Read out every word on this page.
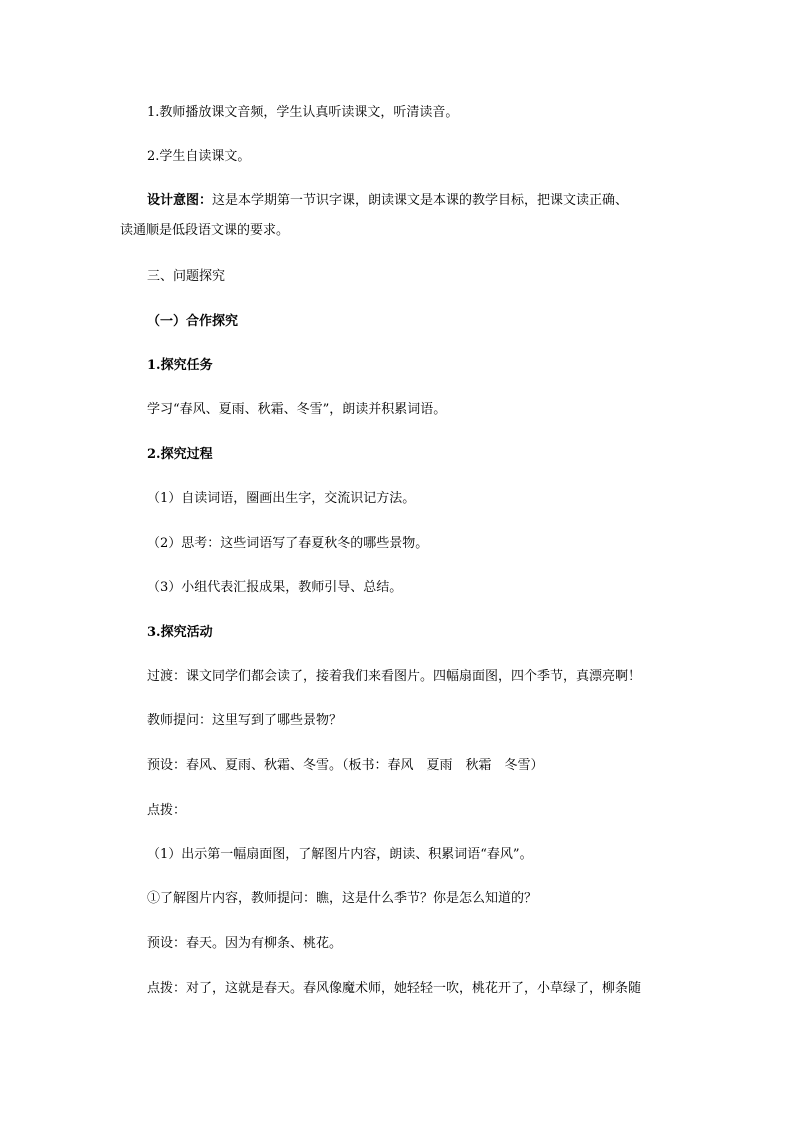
1.教师播放课文音频，学生认真听读课文，听清读音。
2.学生自读课文。
设计意图：这是本学期第一节识字课，朗读课文是本课的教学目标，把课文读正确、
读通顺是低段语文课的要求。
三、问题探究
（一）合作探究
1.探究任务
学习“春风、夏雨、秋霜、冬雪”，朗读并积累词语。
2.探究过程
（1）自读词语，圈画出生字，交流识记方法。
（2）思考：这些词语写了春夏秋冬的哪些景物。
（3）小组代表汇报成果，教师引导、总结。
3.探究活动
过渡：课文同学们都会读了，接着我们来看图片。四幅扇面图，四个季节，真漂亮啊！
教师提问：这里写到了哪些景物？
预设：春风、夏雨、秋霜、冬雪。（板书：春风　夏雨　秋霜　冬雪）
点拨：
（1）出示第一幅扇面图，了解图片内容，朗读、积累词语“春风”。
①了解图片内容，教师提问：瞧，这是什么季节？你是怎么知道的？
预设：春天。因为有柳条、桃花。
点拨：对了，这就是春天。春风像魔术师，她轻轻一吹，桃花开了，小草绿了，柳条随
